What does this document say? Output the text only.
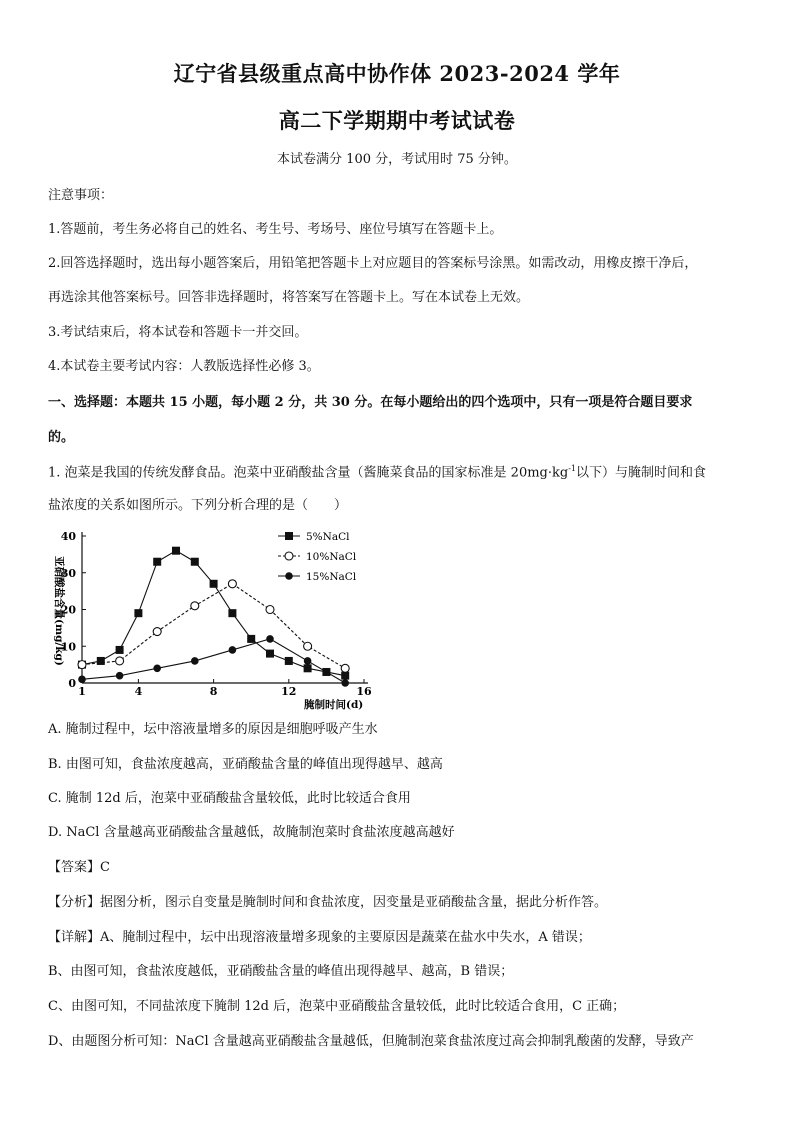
辽宁省县级重点高中协作体 2023-2024 学年
高二下学期期中考试试卷
本试卷满分 100 分，考试用时 75 分钟。
注意事项：
1.答题前，考生务必将自己的姓名、考生号、考场号、座位号填写在答题卡上。
2.回答选择题时，选出每小题答案后，用铅笔把答题卡上对应题目的答案标号涂黑。如需改动，用橡皮擦干净后，
再选涂其他答案标号。回答非选择题时，将答案写在答题卡上。写在本试卷上无效。
3.考试结束后，将本试卷和答题卡一并交回。
4.本试卷主要考试内容：人教版选择性必修 3。
一、选择题：本题共 15 小题，每小题 2 分，共 30 分。在每小题给出的四个选项中，只有一项是符合题目要求
的。
1. 泡菜是我国的传统发酵食品。泡菜中亚硝酸盐含量（酱腌菜食品的国家标准是 $20mg\cdot kg^{-1}$以下）与腌制时间和食
盐浓度的关系如图所示。下列分析合理的是（　　）
0
10
20
30
40
1	4	8	12	16
5%NaCl
10%NaCl
15%NaCl
亚硝酸盐含量(mg/kg)
腌制时间(d)
A. 腌制过程中，坛中溶液量增多的原因是细胞呼吸产生水
B. 由图可知，食盐浓度越高，亚硝酸盐含量的峰值出现得越早、越高
C. 腌制 12d 后，泡菜中亚硝酸盐含量较低，此时比较适合食用
D. NaCl 含量越高亚硝酸盐含量越低，故腌制泡菜时食盐浓度越高越好
【答案】C
【分析】据图分析，图示自变量是腌制时间和食盐浓度，因变量是亚硝酸盐含量，据此分析作答。
【详解】A、腌制过程中，坛中出现溶液量增多现象的主要原因是蔬菜在盐水中失水，A 错误；
B、由图可知，食盐浓度越低，亚硝酸盐含量的峰值出现得越早、越高，B 错误；
C、由图可知，不同盐浓度下腌制 12d 后，泡菜中亚硝酸盐含量较低，此时比较适合食用，C 正确；
D、由题图分析可知：NaCl 含量越高亚硝酸盐含量越低，但腌制泡菜食盐浓度过高会抑制乳酸菌的发酵，导致产
